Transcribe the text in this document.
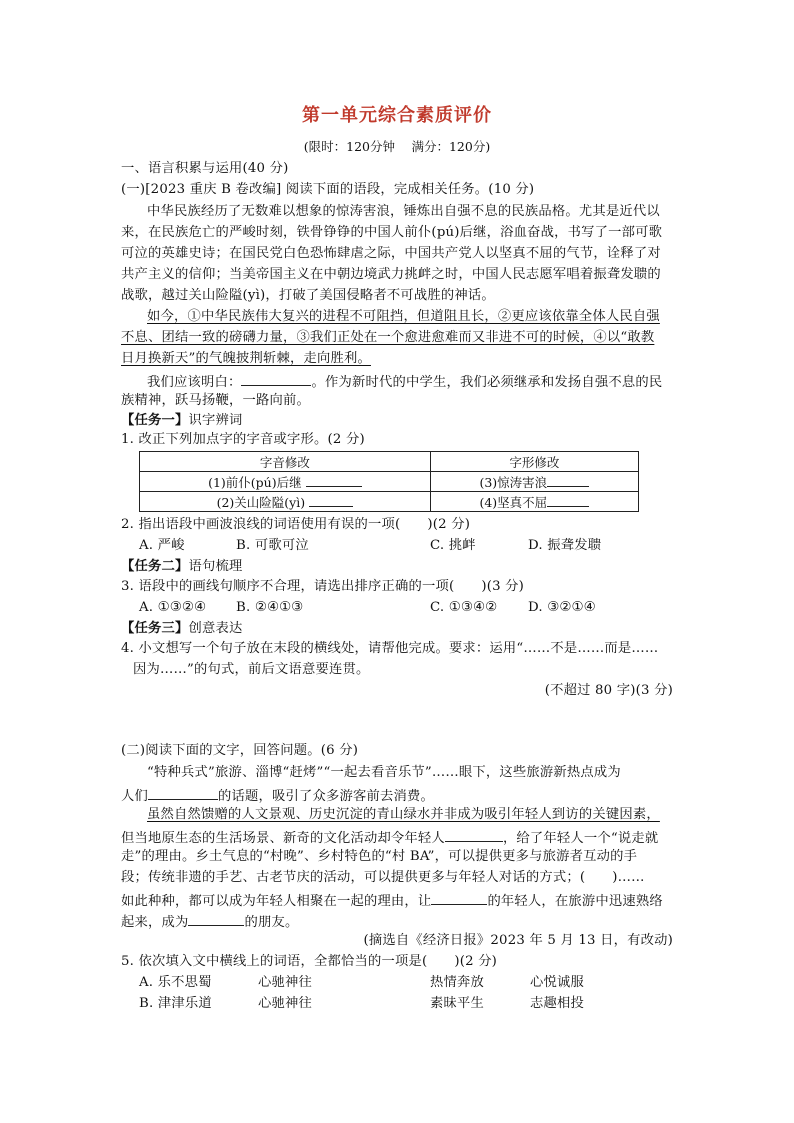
第一单元综合素质评价
(限时：120分钟　 满分：120分)
一、语言积累与运用(40 分)
(一)[2023 重庆 B 卷改编] 阅读下面的语段，完成相关任务。(10 分)
中华民族经历了无数难以想象的惊涛害浪，锤炼出自强不息的民族品格。尤其是近代以
来，在民族危亡的严峻时刻，铁骨铮铮的中国人前仆(pú)后继，浴血奋战，书写了一部可歌
可泣的英雄史诗；在国民党白色恐怖肆虐之际，中国共产党人以坚真不屈的气节，诠释了对
共产主义的信仰；当美帝国主义在中朝边境武力挑衅之时，中国人民志愿军唱着振聋发聩的
战歌，越过关山险隘(yì)，打破了美国侵略者不可战胜的神话。
如今，①中华民族伟大复兴的进程不可阻挡，但道阻且长，②更应该依靠全体人民自强
不息、团结一致的磅礴力量，③我们正处在一个愈进愈难而又非进不可的时候，④以“敢教
日月换新天”的气魄披荆斩棘，走向胜利。
我们应该明白：	。作为新时代的中学生，我们必须继承和发扬自强不息的民
族精神，跃马扬鞭，一路向前。
【任务一】识字辨词
1. 改正下列加点字的字音或字形。(2 分)
字音修改	字形修改
(1)前仆(pú)后继	(3)惊涛害浪
(2)关山险隘(yì)	(4)坚真不屈
2. 指出语段中画波浪线的词语使用有误的一项(　　)(2 分)
A. 严峻	B. 可歌可泣	C. 挑衅	D. 振聋发聩
【任务二】语句梳理
3. 语段中的画线句顺序不合理，请选出排序正确的一项(　　)(3 分)
A. ①③②④ B. ②④①③	C. ①③④② D. ③②①④
【任务三】创意表达
4. 小文想写一个句子放在末段的横线处，请帮他完成。要求：运用“……不是……而是……
因为……”的句式，前后文语意要连贯。
(不超过 80 字)(3 分)
(二)阅读下面的文字，回答问题。(6 分)
“特种兵式”旅游、淄博“赶烤”“一起去看音乐节”……眼下，这些旅游新热点成为
人们	的话题，吸引了众多游客前去消费。
虽然自然馈赠的人文景观、历史沉淀的青山绿水并非成为吸引年轻人到访的关键因素，
但当地原生态的生活场景、新奇的文化活动却令年轻人	，给了年轻人一个“说走就
走”的理由。乡土气息的“村晚”、乡村特色的“村 BA”，可以提供更多与旅游者互动的手
段；传统非遗的手艺、古老节庆的活动，可以提供更多与年轻人对话的方式；(　　)……
如此种种，都可以成为年轻人相聚在一起的理由，让	的年轻人，在旅游中迅速熟络
起来，成为	的朋友。
(摘选自《经济日报》2023 年 5 月 13 日，有改动)
5. 依次填入文中横线上的词语，全都恰当的一项是(　　)(2 分)
A. 乐不思蜀	心驰神往	热情奔放	心悦诚服
B. 津津乐道	心驰神往	素昧平生	志趣相投
